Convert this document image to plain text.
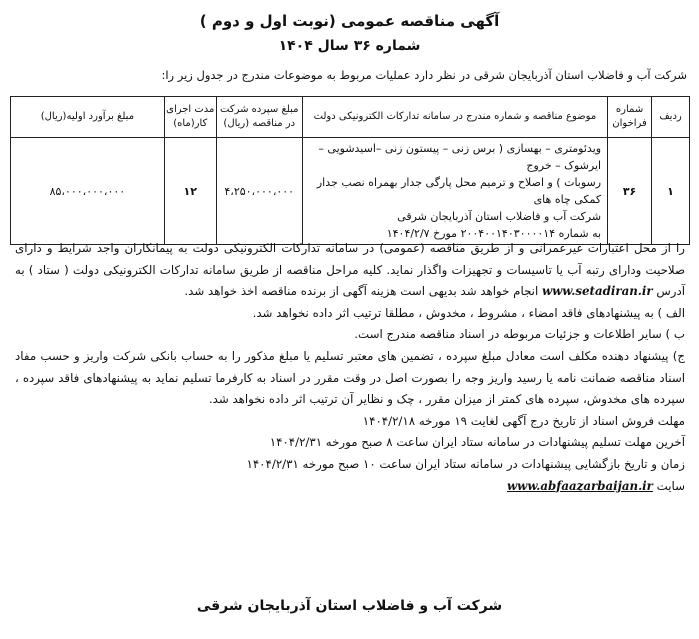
آگهی مناقصه عمومی (نوبت اول و دوم )
شماره ۳۶ سال ۱۴۰۴
شرکت آب و فاضلاب استان آذربایجان شرقی در نظر دارد عملیات مربوط به موضوعات مندرج در جدول زیر را:
ردیف	شماره فراخوان	موضوع مناقصه و شماره مندرج در سامانه تدارکات الکترونیکی دولت	مبلغ سپرده شرکت در مناقصه (ریال)	مدت اجرای کار(ماه)	مبلغ برآورد اولیه(ریال)
۱	۳۶	ویدئومتری – بهسازی ( برس زنی – پیستون زنی –اسیدشویی –ایرشوک – خروج
رسوبات ) و اصلاح و ترمیم محل پارگی جدار بهمراه نصب جدار کمکی چاه های
شرکت آب و فاضلاب استان آذربایجان شرقی
به شماره ۲۰۰۴۰۰۱۴۰۳۰۰۰۰۱۴ مورخ ۱۴۰۴/۲/۷	۴،۲۵۰،۰۰۰،۰۰۰	۱۲	۸۵،۰۰۰،۰۰۰،۰۰۰

را از محل اعتبارات غیرعمرانی و از طریق مناقصه (عمومی) در سامانه تدارکات الکترونیکی دولت به پیمانکاران واجد شرایط و دارای صلاحیت ودارای رتبه آب یا تاسیسات و تجهیزات واگذار نماید. کلیه مراحل مناقصه از طریق سامانه تدارکات الکترونیکی دولت ( ستاد ) به آدرس www.setadiran.ir انجام خواهد شد بدیهی است هزینه آگهی از برنده مناقصه اخذ خواهد شد.

الف ) به پیشنهادهای فاقد امضاء ، مشروط ، مخدوش ، مطلقا ترتیب اثر داده نخواهد شد.

ب ) سایر اطلاعات و جزئیات مربوطه در اسناد مناقصه مندرج است.

ج) پیشنهاد دهنده مکلف است معادل مبلغ سپرده ، تضمین های معتبر تسلیم یا مبلغ مذکور را به حساب بانکی شرکت واریز و حسب مفاد اسناد مناقصه ضمانت نامه یا رسید واریز وجه را بصورت اصل در وقت مقرر در اسناد به کارفرما تسلیم نماید به پیشنهادهای فاقد سپرده ، سپرده های مخدوش، سپرده های کمتر از میزان مقرر ، چک و نظایر آن ترتیب اثر داده نخواهد شد.

مهلت فروش اسناد از تاریخ درج آگهی لغایت ۱۹ مورخه ۱۴۰۴/۲/۱۸

آخرین مهلت تسلیم پیشنهادات در سامانه ستاد ایران ساعت ۸ صبح مورخه ۱۴۰۴/۲/۳۱

زمان و تاریخ بازگشایی پیشنهادات در سامانه ستاد ایران ساعت ۱۰ صبح مورخه ۱۴۰۴/۲/۳۱

سایت www.abfaazarbaijan.ir

شرکت آب و فاضلاب استان آذربایجان شرقی
